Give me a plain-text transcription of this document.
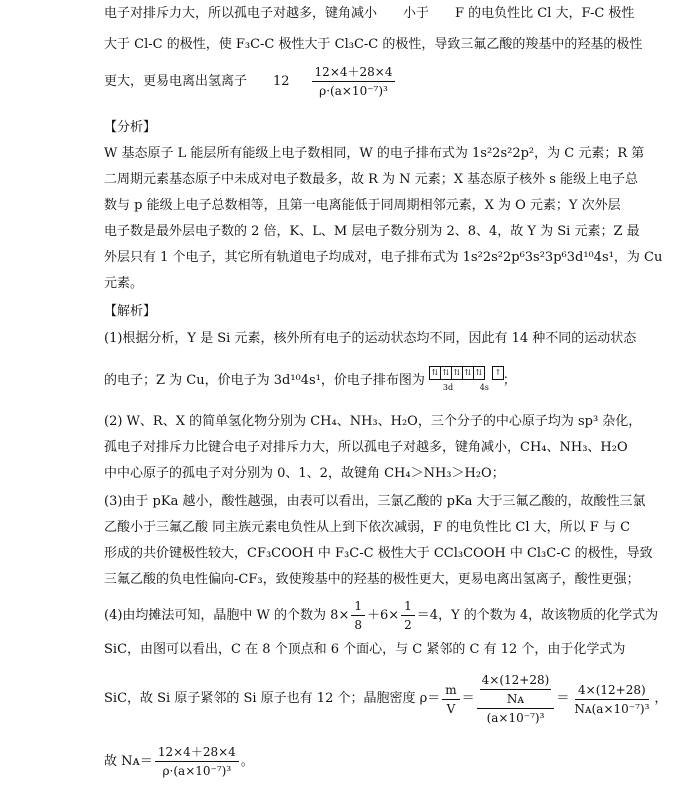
电子对排斥力大，所以孤电子对越多，键角减小　　小于　　F 的电负性比 Cl 大，F-C 极性
大于 Cl-C 的极性，使 F₃C-C 极性大于 Cl₃C-C 的极性，导致三氟乙酸的羧基中的羟基的极性
更大，更易电离出氢离子　　$12 \frac{12\times 4+28\times 4}{\text{ρ·(a×10⁻⁷)³}}$
【分析】
W 基态原子 L 能层所有能级上电子数相同，W 的电子排布式为 1s²2s²2p²，为 C 元素；R 第
二周期元素基态原子中未成对电子数最多，故 R 为 N 元素；X 基态原子核外 s 能级上电子总
数与 p 能级上电子总数相等，且第一电离能低于同周期相邻元素，X 为 O 元素；Y 次外层
电子数是最外层电子数的 2 倍，K、L、M 层电子数分别为 2、8、4，故 Y 为 Si 元素；Z 最
外层只有 1 个电子，其它所有轨道电子均成对，电子排布式为 1s²2s²2p⁶3s²3p⁶3d¹⁰4s¹，为 Cu
元素。
【解析】
(1)根据分析，Y 是 Si 元素，核外所有电子的运动状态均不同，因此有 14 种不同的运动状态
的电子；Z 为 Cu，价电子为 3d¹⁰4s¹，价电子排布图为
⇅ ⇅ ⇅ ⇅ ⇅	↑
3d	4s ；
(2) W、R、X 的简单氢化物分别为 CH₄、NH₃、H₂O，三个分子的中心原子均为 sp³ 杂化，
孤电子对排斥力比键合电子对排斥力大，所以孤电子对越多，键角减小，CH₄、NH₃、H₂O
中中心原子的孤电子对分别为 0、1、2，故键角 CH₄＞NH₃＞H₂O；
(3)由于 pKa 越小，酸性越强，由表可以看出，三氯乙酸的 pKa 大于三氟乙酸的，故酸性三氯
乙酸小于三氟乙酸 同主族元素电负性从上到下依次减弱，F 的电负性比 Cl 大，所以 F 与 C
形成的共价键极性较大，CF₃COOH 中 F₃C-C 极性大于 CCl₃COOH 中 Cl₃C-C 的极性，导致
三氟乙酸的负电性偏向-CF₃，致使羧基中的羟基的极性更大，更易电离出氢离子，酸性更强；
(4)由均摊法可知，晶胞中 W 的个数为 $8\times \frac{1}{8} +6\times \frac{1}{2} =4$，Y 的个数为 4，故该物质的化学式为
SiC，由图可以看出，C 在 8 个顶点和 6 个面心，与 C 紧邻的 C 有 12 个，由于化学式为
SiC，故 Si 原子紧邻的 Si 原子也有 12 个；晶胞密度 $\rho= \frac{m}{V} = \frac{\frac{4\times(12+28)}{\text{Nᴀ}}}{\text{(a×10⁻⁷)³}} = \frac{4\times(12+28)}{\text{Nᴀ(a×10⁻⁷)³}}$ ，
故 Nᴀ＝ $\frac{12\times 4+28\times 4}{\text{ρ·(a×10⁻⁷)³}}$ 。
